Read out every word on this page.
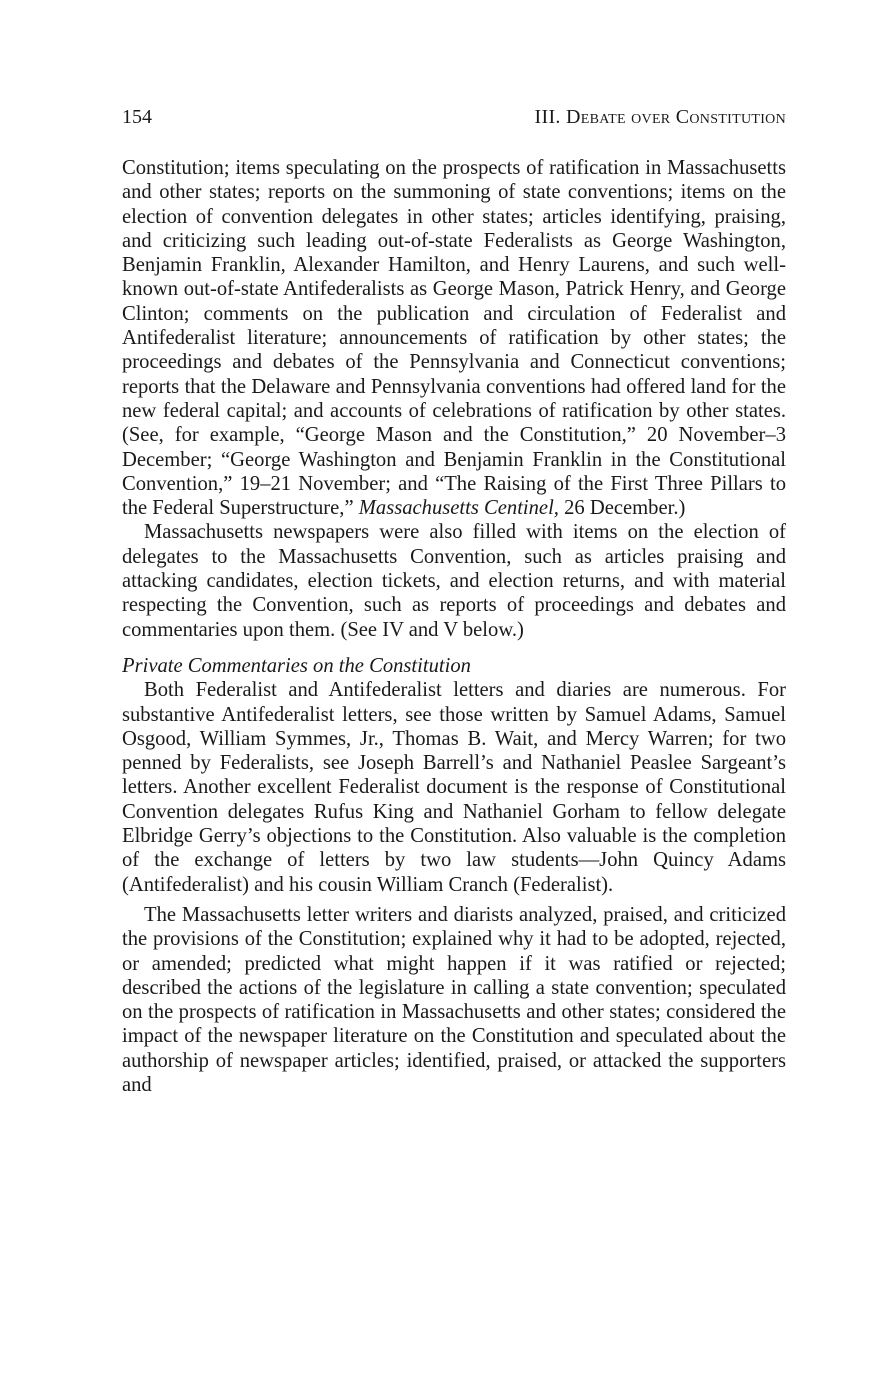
154	III. Debate over Constitution

Constitution; items speculating on the prospects of ratification in Massachusetts and other states; reports on the summoning of state conventions; items on the election of convention delegates in other states; articles identifying, praising, and criticizing such leading out-of-state Federalists as George Washington, Benjamin Franklin, Alexander Hamilton, and Henry Laurens, and such well-known out-of-state Antifederalists as George Mason, Patrick Henry, and George Clinton; comments on the publication and circulation of Federalist and Antifederalist literature; announcements of ratification by other states; the proceedings and debates of the Pennsylvania and Connecticut conventions; reports that the Delaware and Pennsylvania conventions had offered land for the new federal capital; and accounts of celebrations of ratification by other states. (See, for example, “George Mason and the Constitution,” 20 November–3 December; “George Washington and Benjamin Franklin in the Constitutional Convention,” 19–21 November; and “The Raising of the First Three Pillars to the Federal Superstructure,” Massachusetts Centinel, 26 December.)

Massachusetts newspapers were also filled with items on the election of delegates to the Massachusetts Convention, such as articles praising and attacking candidates, election tickets, and election returns, and with material respecting the Convention, such as reports of proceedings and debates and commentaries upon them. (See IV and V below.)

Private Commentaries on the Constitution

Both Federalist and Antifederalist letters and diaries are numerous. For substantive Antifederalist letters, see those written by Samuel Adams, Samuel Osgood, William Symmes, Jr., Thomas B. Wait, and Mercy Warren; for two penned by Federalists, see Joseph Barrell’s and Nathaniel Peaslee Sargeant’s letters. Another excellent Federalist document is the response of Constitutional Convention delegates Rufus King and Nathaniel Gorham to fellow delegate Elbridge Gerry’s objections to the Constitution. Also valuable is the completion of the exchange of letters by two law students—John Quincy Adams (Antifederalist) and his cousin William Cranch (Federalist).

The Massachusetts letter writers and diarists analyzed, praised, and criticized the provisions of the Constitution; explained why it had to be adopted, rejected, or amended; predicted what might happen if it was ratified or rejected; described the actions of the legislature in calling a state convention; speculated on the prospects of ratification in Massachusetts and other states; considered the impact of the newspaper literature on the Constitution and speculated about the authorship of newspaper articles; identified, praised, or attacked the supporters and
